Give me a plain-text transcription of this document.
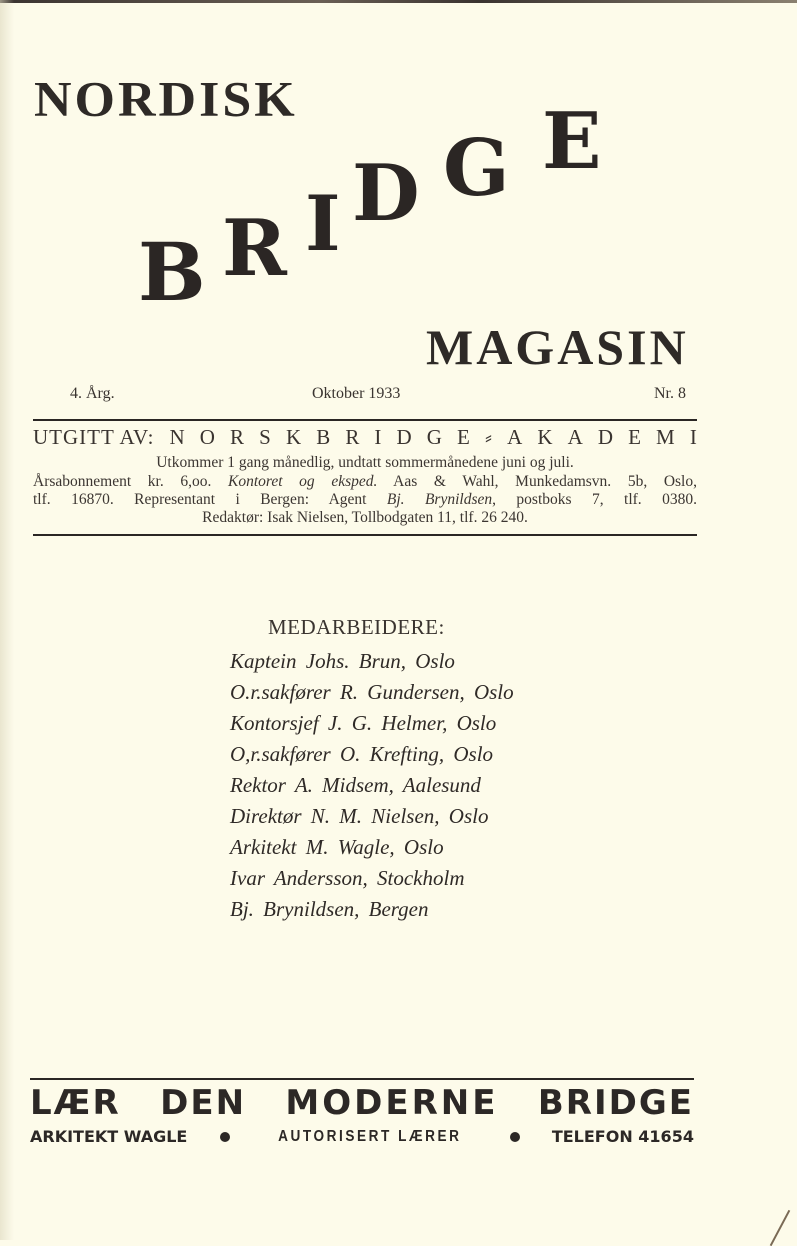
NORDISK
B R I D G E
MAGASIN
4. Årg.	Oktober 1933	Nr. 8
UTGITT AV: N O R S K B R I D G E ⸗ A K A D E M I
Utkommer 1 gang månedlig, undtatt sommermånedene juni og juli.
Årsabonnement kr. 6,oo. Kontoret og eksped. Aas & Wahl, Munkedamsvn. 5b, Oslo,
tlf. 16870. Representant i Bergen: Agent Bj. Brynildsen, postboks 7, tlf. 0380.
Redaktør: Isak Nielsen, Tollbodgaten 11, tlf. 26 240.
MEDARBEIDERE:
Kaptein Johs. Brun, Oslo
O.r.sakfører R. Gundersen, Oslo
Kontorsjef J. G. Helmer, Oslo
O,r.sakfører O. Krefting, Oslo
Rektor A. Midsem, Aalesund
Direktør N. M. Nielsen, Oslo
Arkitekt M. Wagle, Oslo
Ivar Andersson, Stockholm
Bj. Brynildsen, Bergen
LÆR DEN MODERNE BRIDGE
ARKITEKT WAGLE	AUTORISERT LÆRER	TELEFON 41654
